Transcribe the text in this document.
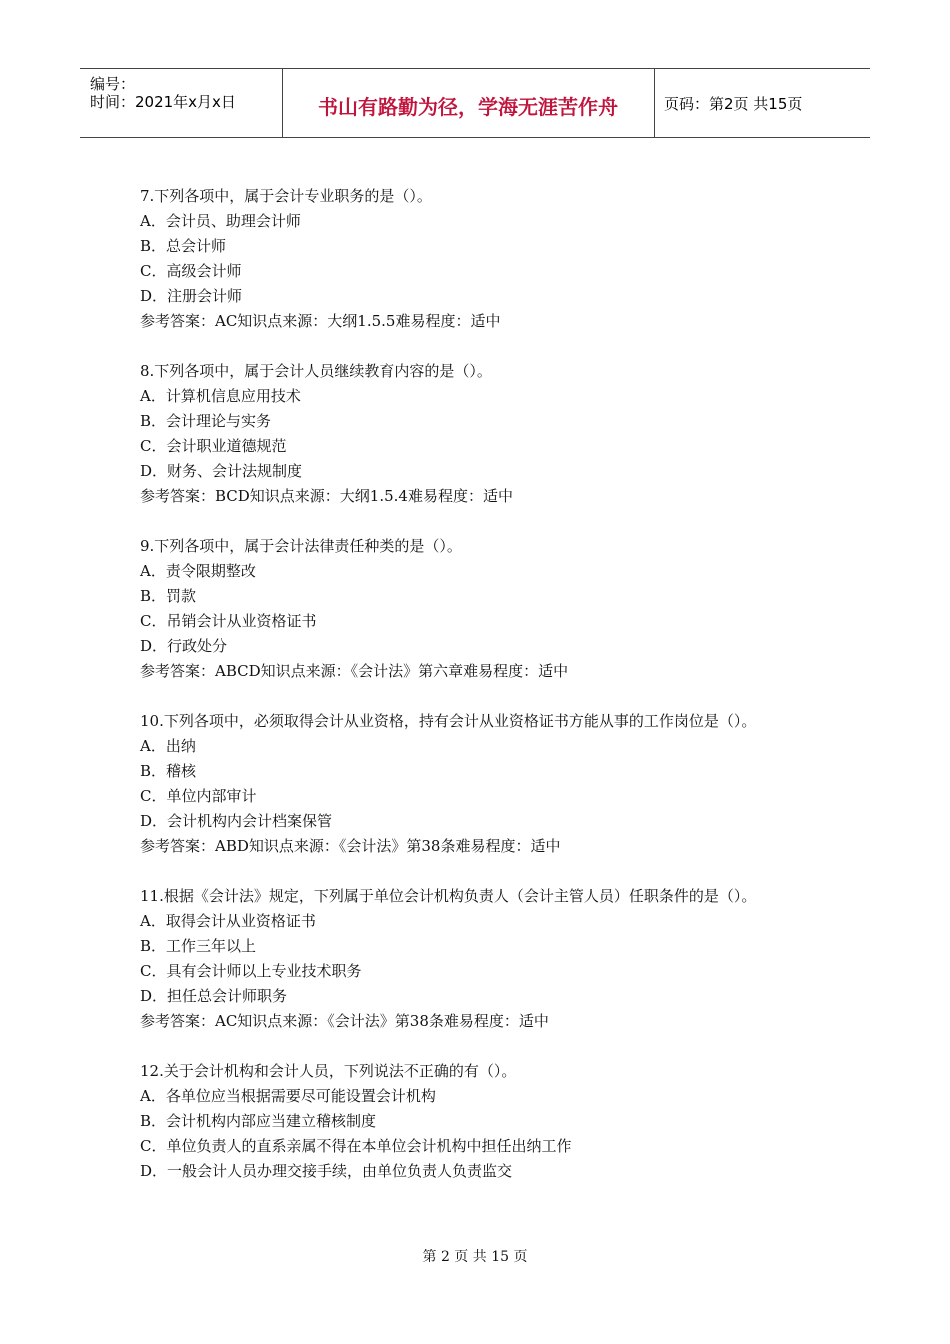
编号：
时间：2021年x月x日	书山有路勤为径，学海无涯苦作舟	页码：第2页 共15页
7.下列各项中，属于会计专业职务的是（）。
A．会计员、助理会计师
B．总会计师
C．高级会计师
D．注册会计师
参考答案：AC知识点来源：大纲1.5.5难易程度：适中
8.下列各项中，属于会计人员继续教育内容的是（）。
A．计算机信息应用技术
B．会计理论与实务
C．会计职业道德规范
D．财务、会计法规制度
参考答案：BCD知识点来源：大纲1.5.4难易程度：适中
9.下列各项中，属于会计法律责任种类的是（）。
A．责令限期整改
B．罚款
C．吊销会计从业资格证书
D．行政处分
参考答案：ABCD知识点来源：《会计法》第六章难易程度：适中
10.下列各项中，必须取得会计从业资格，持有会计从业资格证书方能从事的工作岗位是（）。
A．出纳
B．稽核
C．单位内部审计
D．会计机构内会计档案保管
参考答案：ABD知识点来源：《会计法》第38条难易程度：适中
11.根据《会计法》规定，下列属于单位会计机构负责人（会计主管人员）任职条件的是（）。
A．取得会计从业资格证书
B．工作三年以上
C．具有会计师以上专业技术职务
D．担任总会计师职务
参考答案：AC知识点来源：《会计法》第38条难易程度：适中
12.关于会计机构和会计人员，下列说法不正确的有（）。
A．各单位应当根据需要尽可能设置会计机构
B．会计机构内部应当建立稽核制度
C．单位负责人的直系亲属不得在本单位会计机构中担任出纳工作
D．一般会计人员办理交接手续，由单位负责人负责监交
第 2 页 共 15 页
